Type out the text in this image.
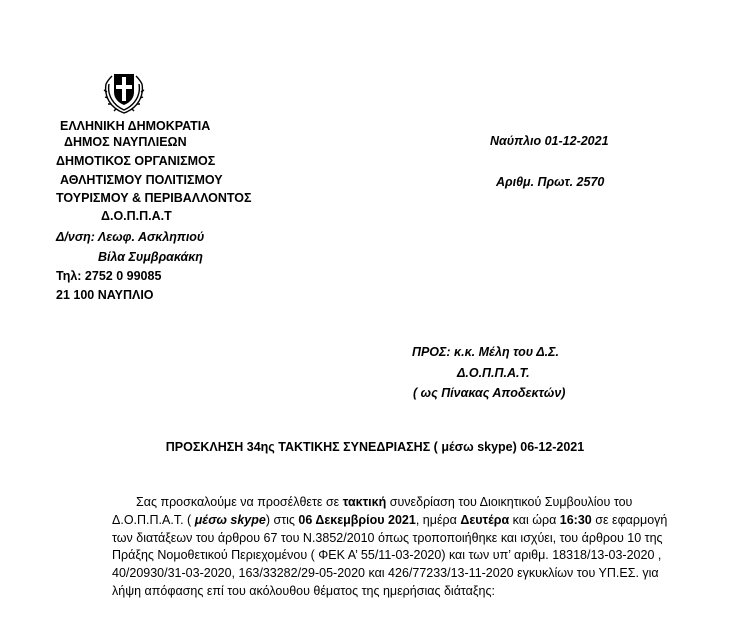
ΕΛΛΗΝΙΚΗ ΔΗΜΟΚΡΑΤΙΑ
ΔΗΜΟΣ ΝΑΥΠΛΙΕΩΝ
ΔΗΜΟΤΙΚΟΣ ΟΡΓΑΝΙΣΜΟΣ
ΑΘΛΗΤΙΣΜΟΥ ΠΟΛΙΤΙΣΜΟΥ
ΤΟΥΡΙΣΜΟΥ & ΠΕΡΙΒΑΛΛΟΝΤΟΣ
Δ.Ο.Π.Π.Α.Τ
Δ/νση: Λεωφ. Ασκληπιού
Βίλα Συμβρακάκη
Τηλ: 2752 0 99085
21 100 ΝΑΥΠΛΙΟ
Ναύπλιο 01-12-2021
Αριθμ. Πρωτ. 2570
ΠΡΟΣ: κ.κ. Μέλη του Δ.Σ.
Δ.Ο.Π.Π.Α.Τ.
( ως Πίνακας Αποδεκτών)
ΠΡΟΣΚΛΗΣΗ 34ης ΤΑΚΤΙΚΗΣ ΣΥΝΕΔΡΙΑΣΗΣ ( μέσω skype) 06-12-2021
Σας προσκαλούμε να προσέλθετε σε τακτική συνεδρίαση του Διοικητικού Συμβουλίου του
Δ.Ο.Π.Π.Α.Τ. ( μέσω skype) στις 06 Δεκεμβρίου 2021, ημέρα Δευτέρα και ώρα 16:30 σε εφαρμογή
των διατάξεων του άρθρου 67 του Ν.3852/2010 όπως τροποποιήθηκε και ισχύει, του άρθρου 10 της
Πράξης Νομοθετικού Περιεχομένου ( ΦΕΚ Α’ 55/11-03-2020) και των υπ’ αριθμ. 18318/13-03-2020 ,
40/20930/31-03-2020, 163/33282/29-05-2020 και 426/77233/13-11-2020 εγκυκλίων του ΥΠ.ΕΣ. για
λήψη απόφασης επί του ακόλουθου θέματος της ημερήσιας διάταξης:
